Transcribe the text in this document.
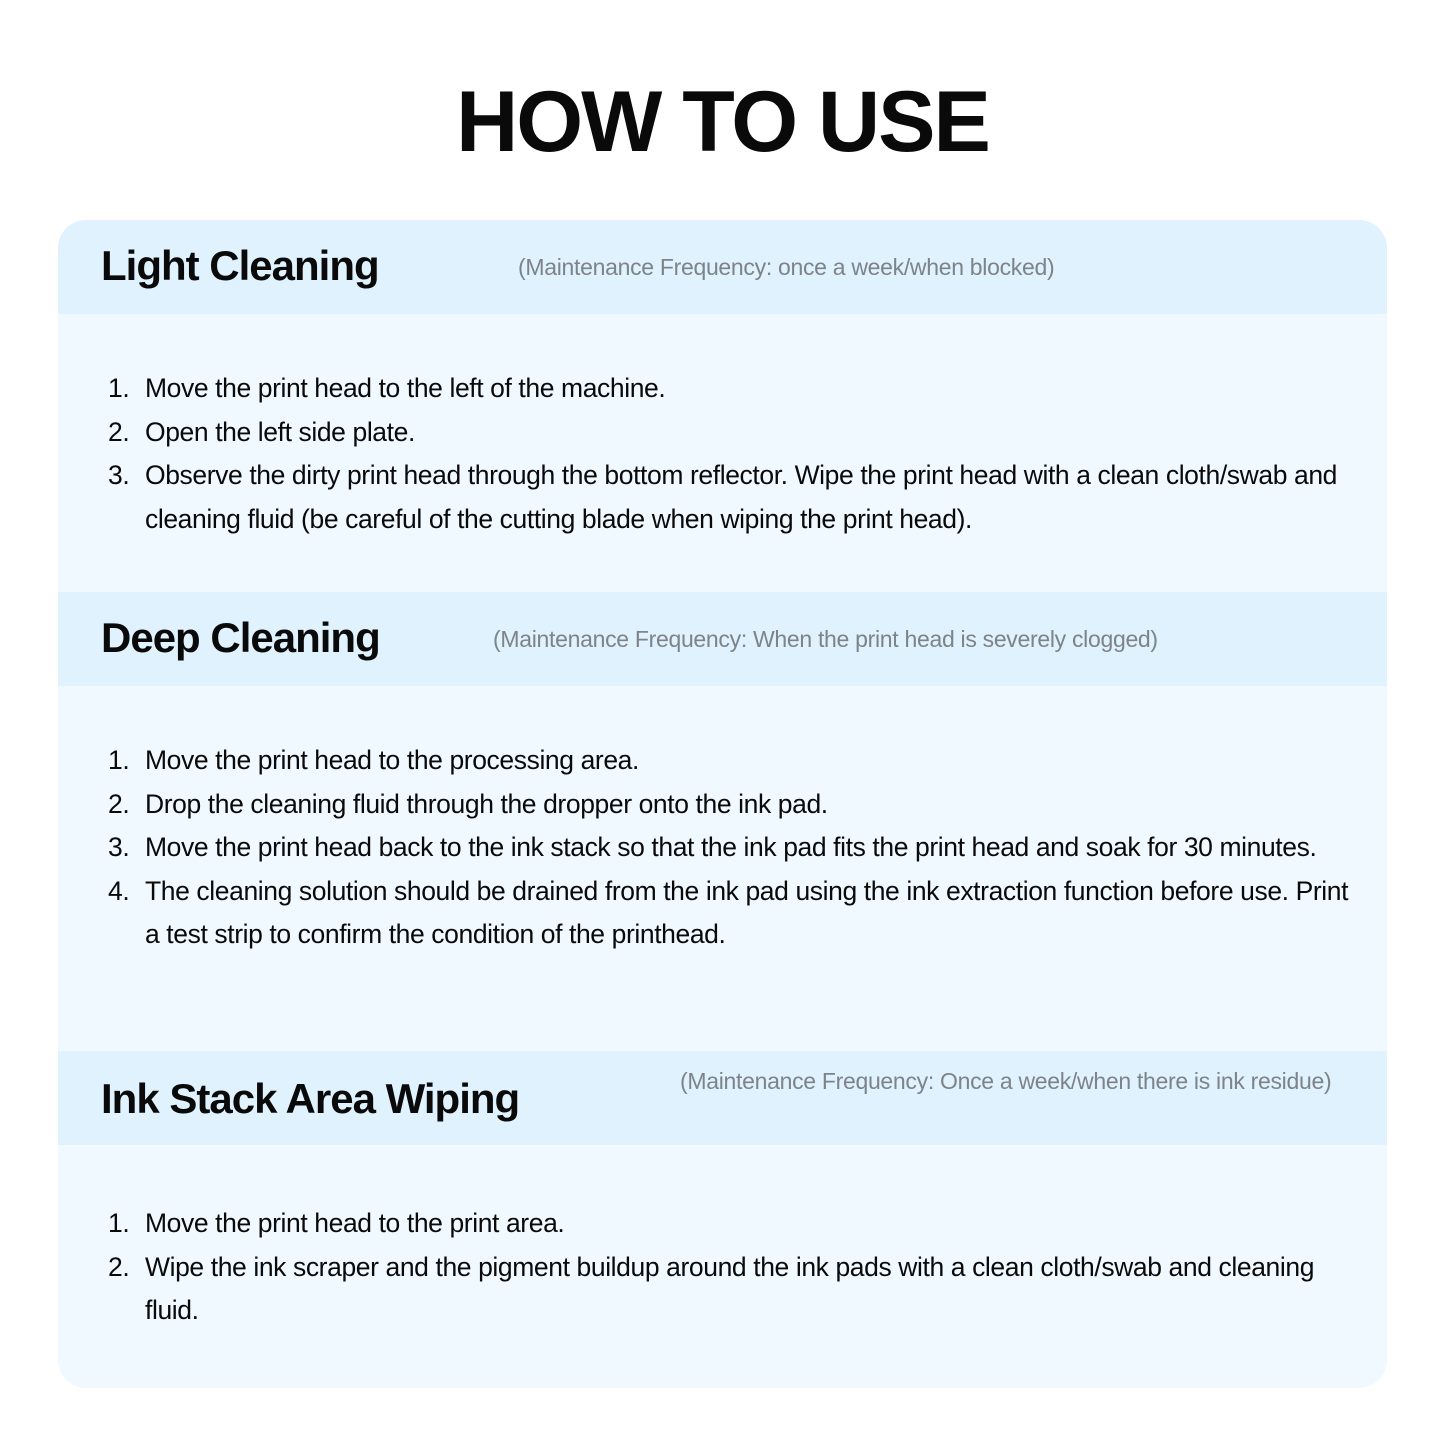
HOW TO USE
Light Cleaning	(Maintenance Frequency: once a week/when blocked)
1. Move the print head to the left of the machine.
2. Open the left side plate.
3. Observe the dirty print head through the bottom reflector. Wipe the print head with a clean cloth/swab and cleaning fluid (be careful of the cutting blade when wiping the print head).
Deep Cleaning	(Maintenance Frequency: When the print head is severely clogged)
1. Move the print head to the processing area.
2. Drop the cleaning fluid through the dropper onto the ink pad.
3. Move the print head back to the ink stack so that the ink pad fits the print head and soak for 30 minutes.
4. The cleaning solution should be drained from the ink pad using the ink extraction function before use. Print a test strip to confirm the condition of the printhead.
Ink Stack Area Wiping	(Maintenance Frequency: Once a week/when there is ink residue)
1. Move the print head to the print area.
2. Wipe the ink scraper and the pigment buildup around the ink pads with a clean cloth/swab and cleaning fluid.
